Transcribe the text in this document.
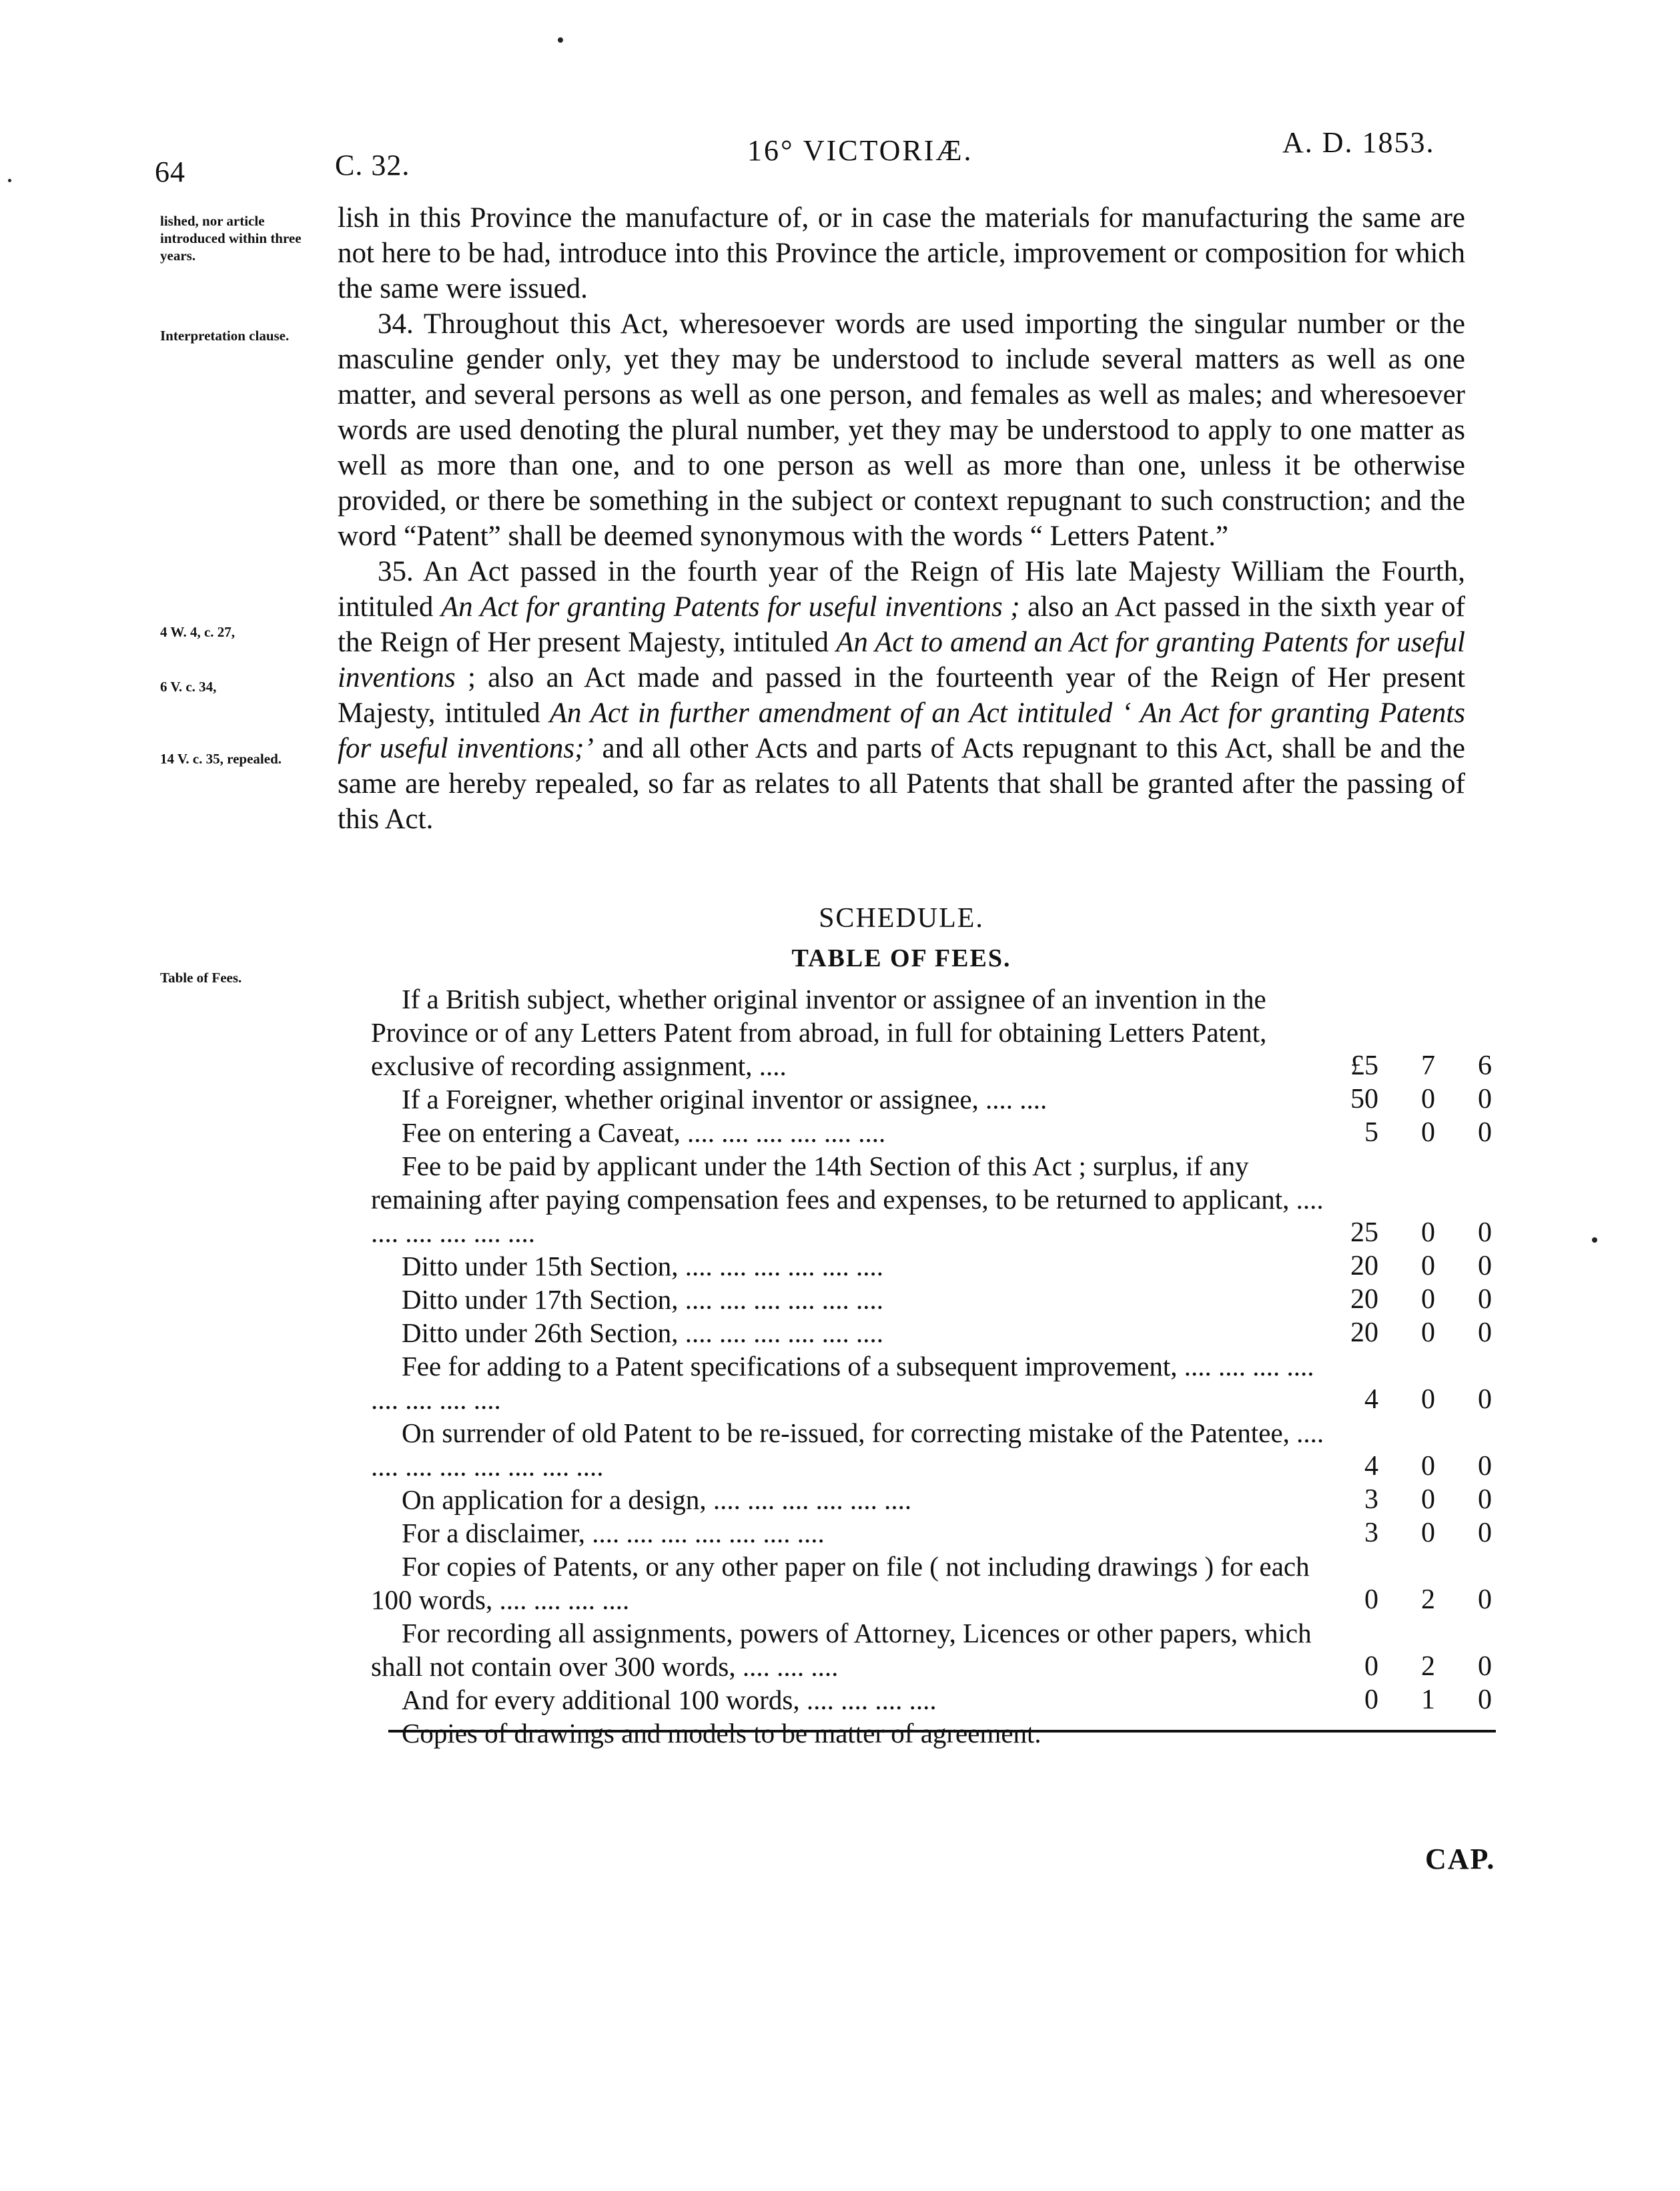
64	C. 32.	16° VICTORIÆ.	A. D. 1853.
lished, nor article introduced within three years.
Interpretation clause.
4 W. 4, c. 27,
6 V. c. 34,
14 V. c. 35, repealed.
Table of Fees.

lish in this Province the manufacture of, or in case the materials for manufacturing the same are not here to be had, introduce into this Province the article, improvement or composition for which the same were issued.

34. Throughout this Act, wheresoever words are used importing the singular number or the masculine gender only, yet they may be understood to include several matters as well as one matter, and several persons as well as one person, and females as well as males; and wheresoever words are used denoting the plural number, yet they may be understood to apply to one matter as well as more than one, and to one person as well as more than one, unless it be otherwise provided, or there be something in the subject or context repugnant to such construction; and the word “Patent” shall be deemed synonymous with the words “ Letters Patent.”

35. An Act passed in the fourth year of the Reign of His late Majesty William the Fourth, intituled An Act for granting Patents for useful inventions ; also an Act passed in the sixth year of the Reign of Her present Majesty, intituled An Act to amend an Act for granting Patents for useful inventions ; also an Act made and passed in the fourteenth year of the Reign of Her present Majesty, intituled An Act in further amendment of an Act intituled ‘ An Act for granting Patents for useful inventions;’ and all other Acts and parts of Acts repugnant to this Act, shall be and the same are hereby repealed, so far as relates to all Patents that shall be granted after the passing of this Act.

SCHEDULE.
TABLE OF FEES.
If a British subject, whether original inventor or assignee of an invention in the Province or of any Letters Patent from abroad, in full for obtaining Letters Patent, exclusive of recording assignment, ....	£5	7	6
If a Foreigner, whether original inventor or assignee, .... ....	50	0	0
Fee on entering a Caveat, .... .... .... .... .... ....	5	0	0
Fee to be paid by applicant under the 14th Section of this Act ; surplus, if any remaining after paying compensation fees and expenses, to be returned to applicant, .... .... .... .... .... ....	25	0	0
Ditto under 15th Section, .... .... .... .... .... ....	20	0	0
Ditto under 17th Section, .... .... .... .... .... ....	20	0	0
Ditto under 26th Section, .... .... .... .... .... ....	20	0	0
Fee for adding to a Patent specifications of a subsequent improvement, .... .... .... .... .... .... .... ....	4	0	0
On surrender of old Patent to be re-issued, for correcting mistake of the Patentee, .... .... .... .... .... .... .... ....	4	0	0
On application for a design, .... .... .... .... .... ....	3	0	0
For a disclaimer, .... .... .... .... .... .... ....	3	0	0
For copies of Patents, or any other paper on file ( not including drawings ) for each 100 words, .... .... .... ....	0	2	0
For recording all assignments, powers of Attorney, Licences or other papers, which shall not contain over 300 words, .... .... ....	0	2	0
And for every additional 100 words, .... .... .... ....	0	1	0
Copies of drawings and models to be matter of agreement.
CAP.
